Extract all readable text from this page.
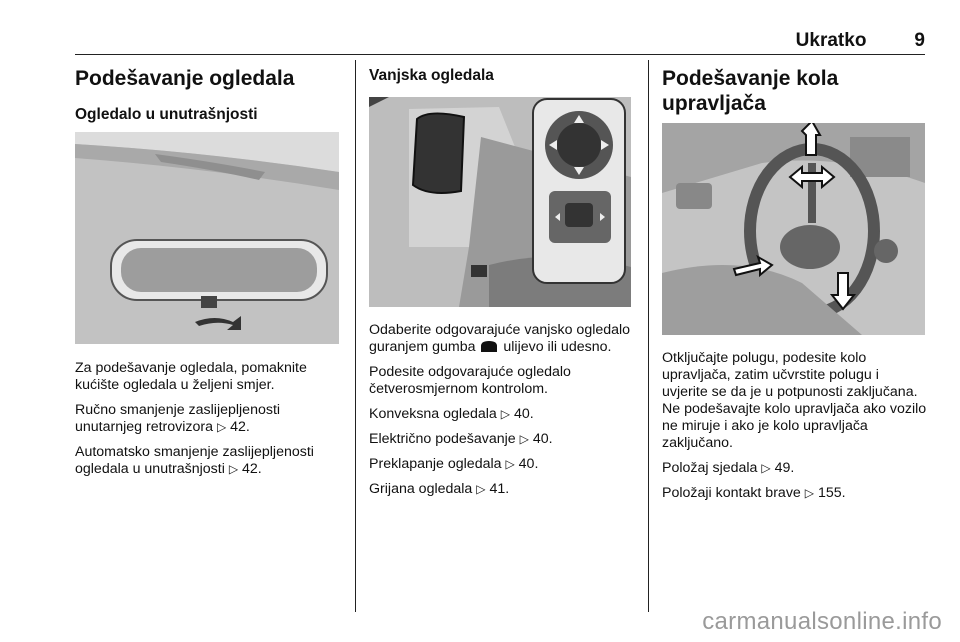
Ukratko	9
Podešavanje ogledala
Ogledalo u unutrašnjosti

Za podešavanje ogledala, pomaknite kućište ogledala u željeni smjer.

Ručno smanjenje zaslijepljenosti unutarnjeg retrovizora ▷ 42.

Automatsko smanjenje zaslijepljenosti ogledala u unutrašnjosti ▷ 42.

Vanjska ogledala

Odaberite odgovarajuće vanjsko ogledalo guranjem gumba ulijevo ili udesno.

Podesite odgovarajuće ogledalo četverosmjernom kontrolom.

Konveksna ogledala ▷ 40.

Električno podešavanje ▷ 40.

Preklapanje ogledala ▷ 40.

Grijana ogledala ▷ 41.

Podešavanje kola
upravljača

Otključajte polugu, podesite kolo upravljača, zatim učvrstite polugu i uvjerite se da je u potpunosti zaključana. Ne podešavajte kolo upravljača ako vozilo ne miruje i ako je kolo upravljača zaključano.

Položaj sjedala ▷ 49.

Položaji kontakt brave ▷ 155.

carmanualsonline.info
